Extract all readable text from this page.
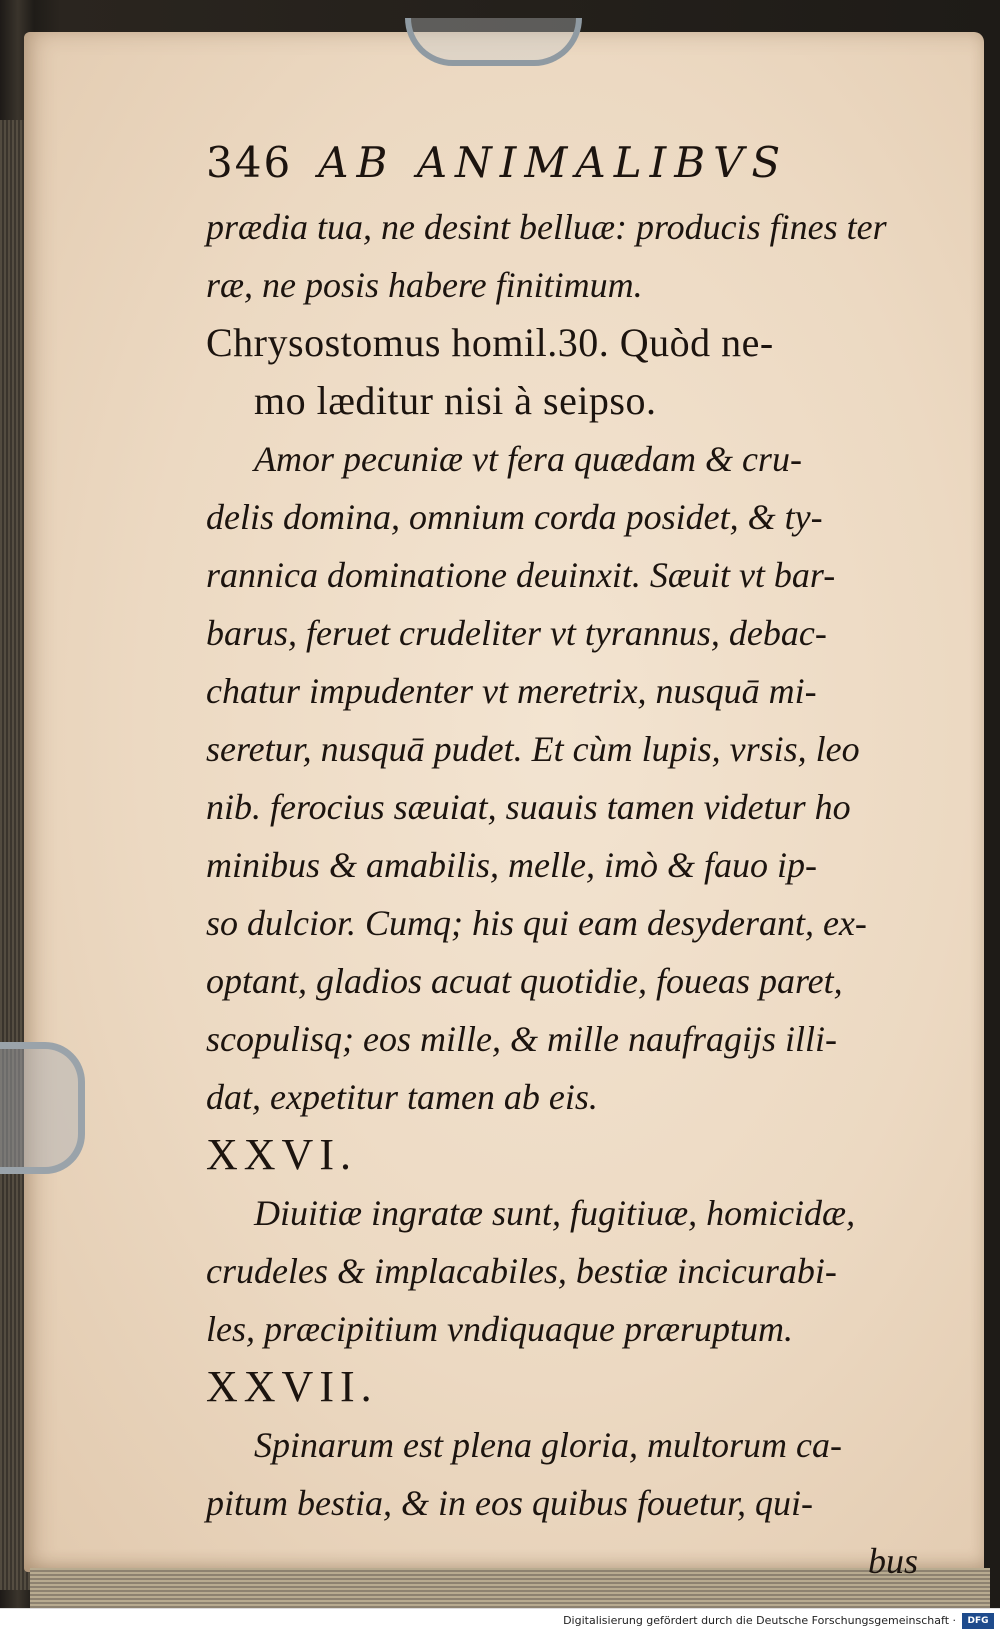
346 AB ANIMALIBVS
prædia tua, ne desint belluæ: producis fines ter
ræ, ne posis habere finitimum.
Chrysostomus homil.30. Quòd ne-
mo læditur nisi à seipso.
Amor pecuniæ vt fera quædam & cru-
delis domina, omnium corda posidet, & ty-
rannica dominatione deuinxit. Sæuit vt bar-
barus, feruet crudeliter vt tyrannus, debac-
chatur impudenter vt meretrix, nusquā mi-
seretur, nusquā pudet. Et cùm lupis, vrsis, leo
nib. ferocius sæuiat, suauis tamen videtur ho
minibus & amabilis, melle, imò & fauo ip-
so dulcior. Cumq; his qui eam desyderant, ex-
optant, gladios acuat quotidie, foueas paret,
scopulisq; eos mille, & mille naufragijs illi-
dat, expetitur tamen ab eis.
XXVI.
Diuitiæ ingratæ sunt, fugitiuæ, homicidæ,
crudeles & implacabiles, bestiæ incicurabi-
les, præcipitium vndiquaque præruptum.
XXVII.
Spinarum est plena gloria, multorum ca-
pitum bestia, & in eos quibus fouetur, qui-
bus
Digitalisierung gefördert durch die Deutsche Forschungsgemeinschaft ·	DFG
